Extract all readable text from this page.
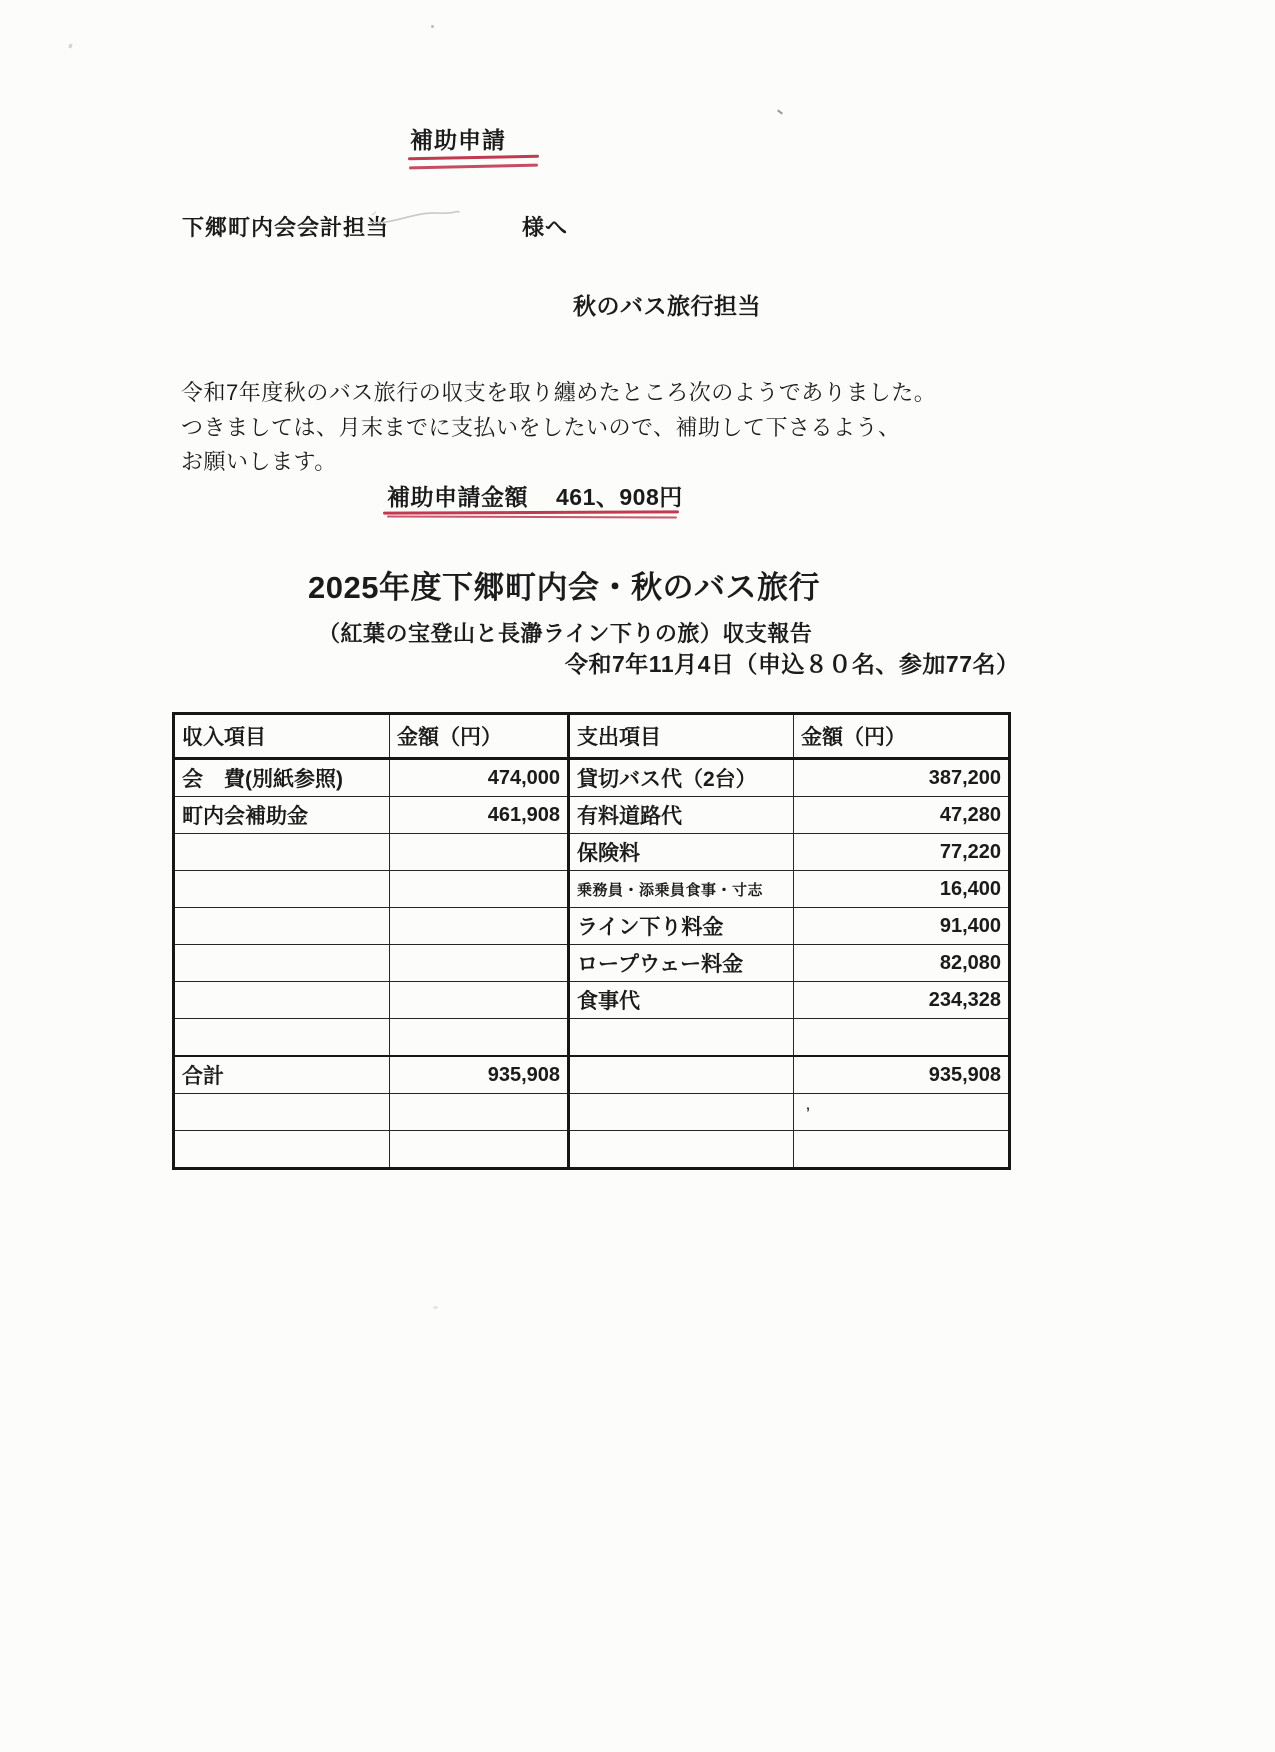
補助申請
下郷町内会会計担当	様へ
秋のバス旅行担当
令和7年度秋のバス旅行の収支を取り纏めたところ次のようでありました。
つきましては、月末までに支払いをしたいので、補助して下さるよう、
お願いします。
補助申請金額 461、908円
2025年度下郷町内会・秋のバス旅行
（紅葉の宝登山と長瀞ライン下りの旅）収支報告
令和7年11月4日（申込８０名、参加77名）
収入項目	金額（円）	支出項目	金額（円）
会　費(別紙参照)	474,000	貸切バス代（2台）	387,200
町内会補助金	461,908	有料道路代	47,280
		保険料	77,220
		乗務員・添乗員食事・寸志	16,400
		ライン下り料金	91,400
		ロープウェー料金	82,080
		食事代	234,328

合計	935,908		935,908
			’
